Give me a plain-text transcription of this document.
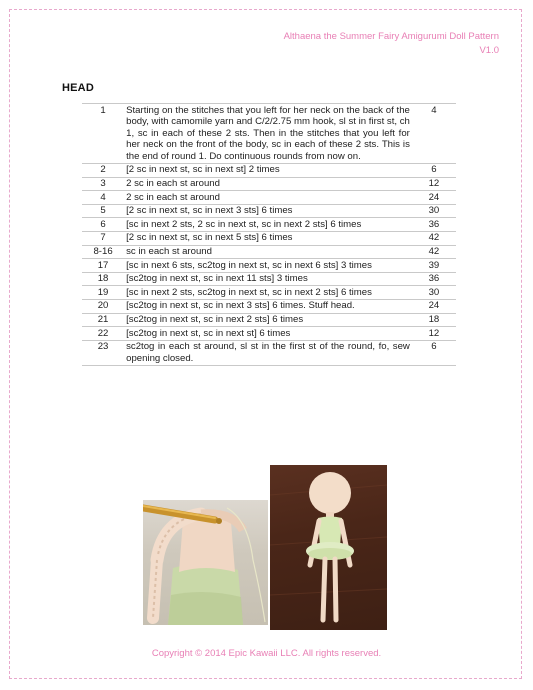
Althaena the Summer Fairy Amigurumi Doll Pattern
V1.0
HEAD
1	Starting on the stitches that you left for her neck on the back of the body, with camomile yarn and C/2/2.75 mm hook, sl st in first st, ch 1, sc in each of these 2 sts. Then in the stitches that you left for her neck on the front of the body, sc in each of these 2 sts. This is the end of round 1. Do continuous rounds from now on.	4
2	[2 sc in next st, sc in next st] 2 times	6
3	2 sc in each st around	12
4	2 sc in each st around	24
5	[2 sc in next st, sc in next 3 sts] 6 times	30
6	[sc in next 2 sts, 2 sc in next st, sc in next 2 sts] 6 times	36
7	[2 sc in next st, sc in next 5 sts] 6 times	42
8-16	sc in each st around	42
17	[sc in next 6 sts, sc2tog in next st, sc in next 6 sts] 3 times	39
18	[sc2tog in next st, sc in next 11 sts] 3 times	36
19	[sc in next 2 sts, sc2tog in next st, sc in next 2 sts] 6 times	30
20	[sc2tog in next st, sc in next 3 sts] 6 times. Stuff head.	24
21	[sc2tog in next st, sc in next 2 sts] 6 times	18
22	[sc2tog in next st, sc in next st] 6 times	12
23	sc2tog in each st around, sl st in the first st of the round, fo, sew opening closed.	6
Copyright © 2014 Epic Kawaii LLC. All rights reserved.
